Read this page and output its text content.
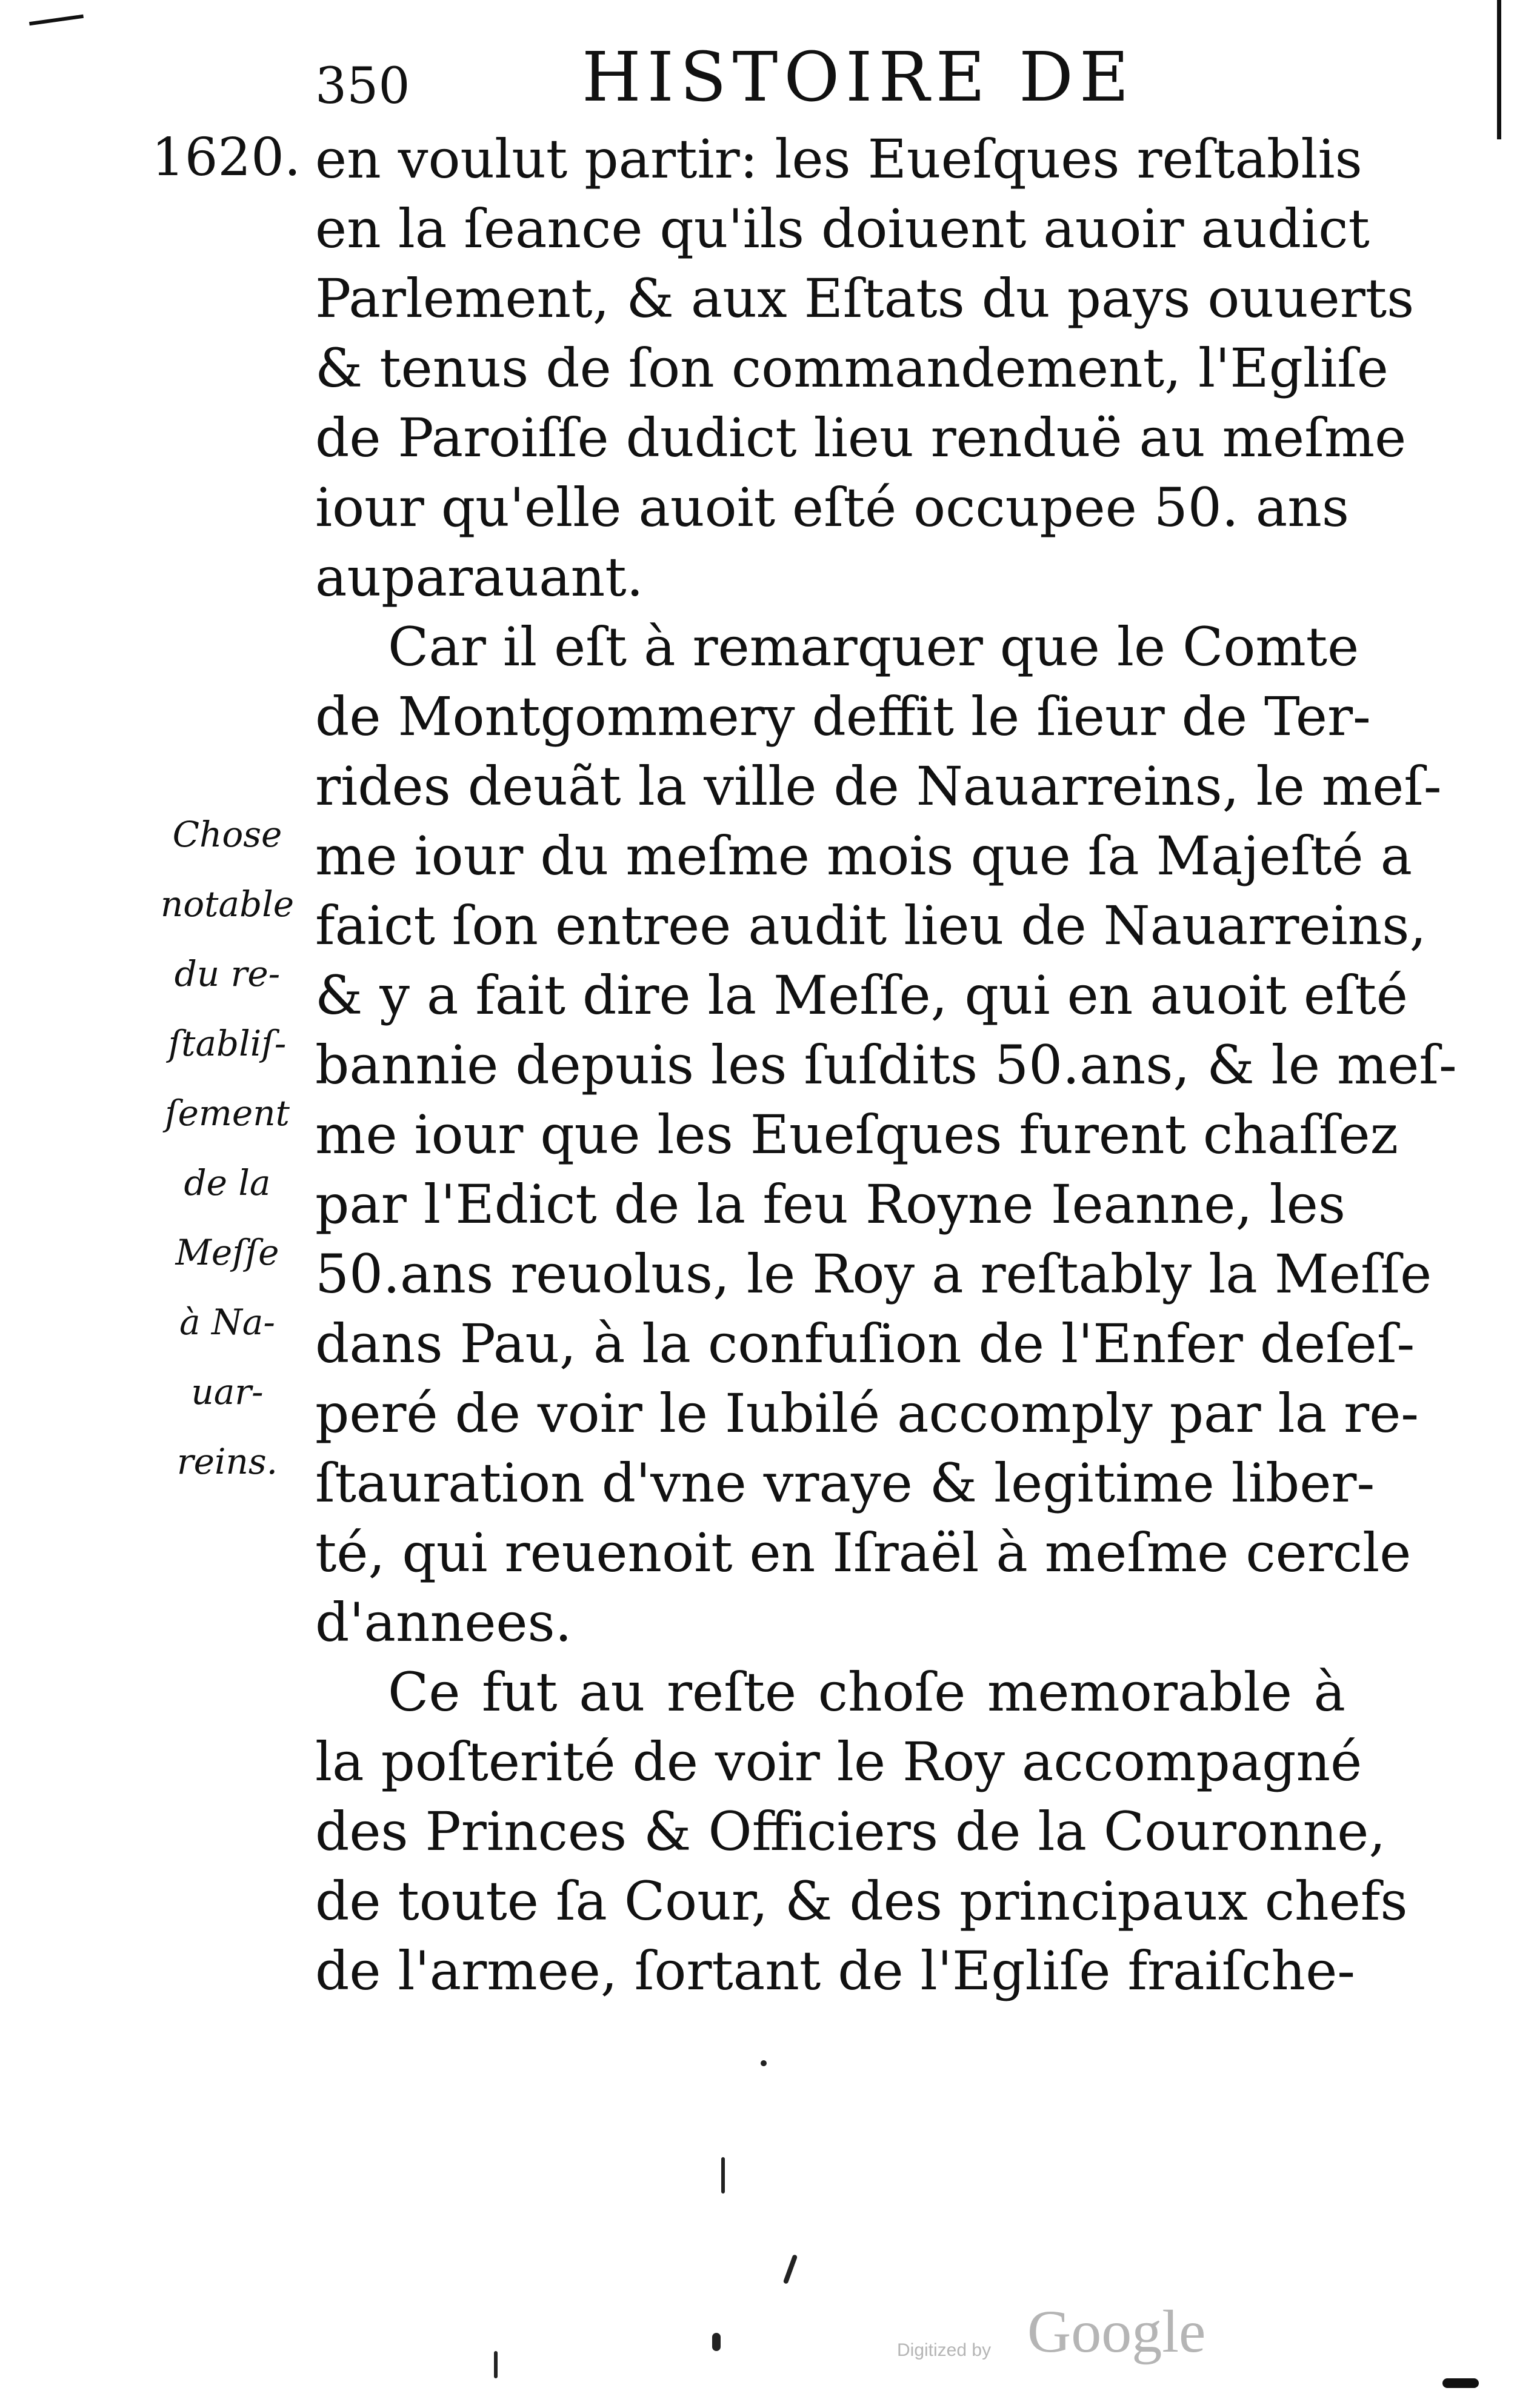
350	HISTOIRE DE
1620. en voulut partir: les Eueſques reſtablis
en la ſeance qu'ils doiuent auoir audict
Parlement, & aux Eſtats du pays ouuerts
& tenus de ſon commandement, l'Egliſe
de Paroiſſe dudict lieu renduë au meſme
iour qu'elle auoit eſté occupee 50. ans
auparauant.
Car il eſt à remarquer que le Comte
de Montgommery deffit le ſieur de Ter-
rides deuãt la ville de Nauarreins, le meſ-
me iour du meſme mois que ſa Majeſté a
faict ſon entree audit lieu de Nauarreins,
& y a fait dire la Meſſe, qui en auoit eſté
bannie depuis les ſuſdits 50.ans, & le meſ-
me iour que les Eueſques furent chaſſez
par l'Edict de la feu Royne Ieanne, les
50.ans reuolus, le Roy a reſtably la Meſſe
dans Pau, à la confuſion de l'Enfer deſeſ-
peré de voir le Iubilé accomply par la re-
ſtauration d'vne vraye & legitime liber-
té, qui reuenoit en Iſraël à meſme cercle
d'annees.
Ce fut au reſte choſe memorable à
la poſterité de voir le Roy accompagné
des Princes & Officiers de la Couronne,
de toute ſa Cour, & des principaux chefs
de l'armee, ſortant de l'Egliſe fraiſche-
Chose
notable
du re-
ſtabliſ-
ſement
de la
Meſſe
à Na-
uar-
reins.
Digitized by Google
